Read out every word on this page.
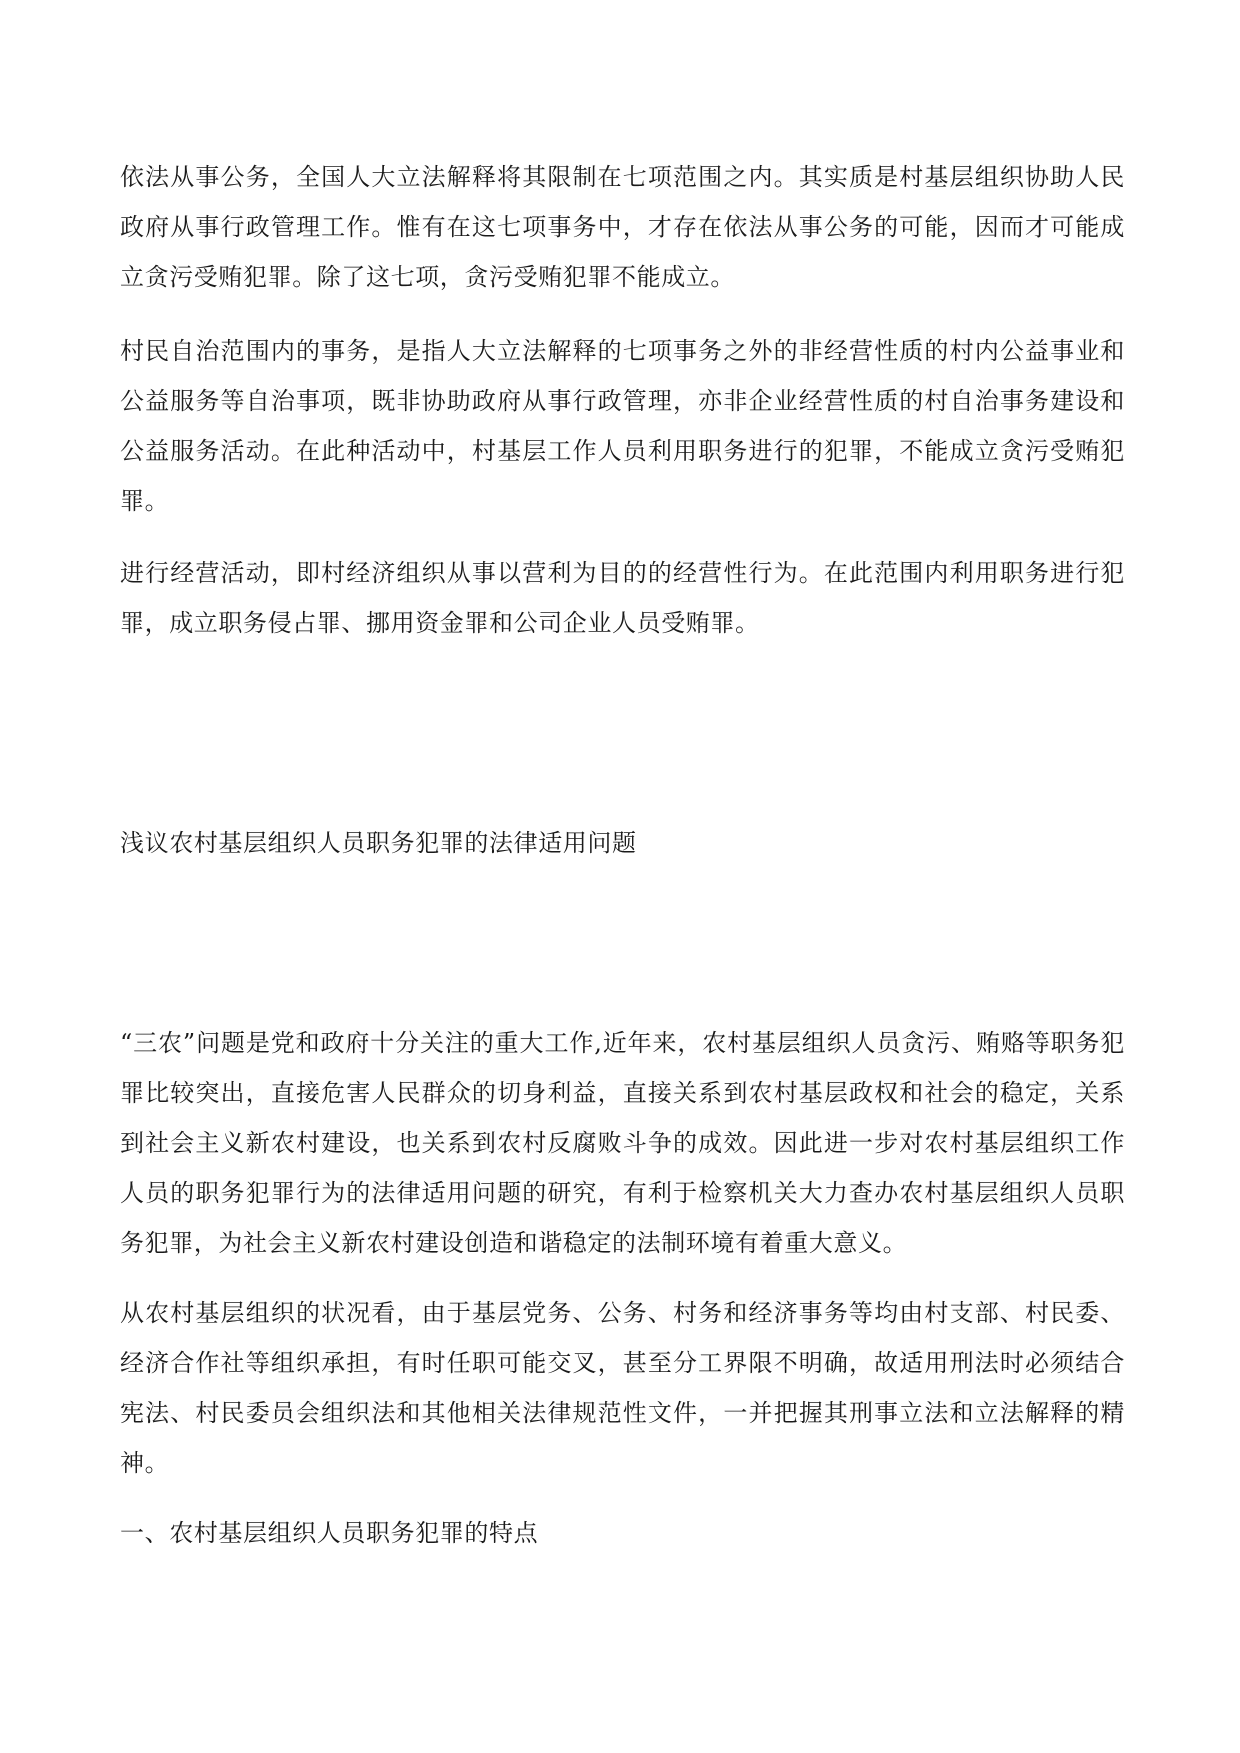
依法从事公务，全国人大立法解释将其限制在七项范围之内。其实质是村基层组织协助人民政府从事行政管理工作。惟有在这七项事务中，才存在依法从事公务的可能，因而才可能成立贪污受贿犯罪。除了这七项，贪污受贿犯罪不能成立。

村民自治范围内的事务，是指人大立法解释的七项事务之外的非经营性质的村内公益事业和公益服务等自治事项，既非协助政府从事行政管理，亦非企业经营性质的村自治事务建设和公益服务活动。在此种活动中，村基层工作人员利用职务进行的犯罪，不能成立贪污受贿犯罪。

进行经营活动，即村经济组织从事以营利为目的的经营性行为。在此范围内利用职务进行犯罪，成立职务侵占罪、挪用资金罪和公司企业人员受贿罪。

浅议农村基层组织人员职务犯罪的法律适用问题

“三农”问题是党和政府十分关注的重大工作,近年来，农村基层组织人员贪污、贿赂等职务犯罪比较突出，直接危害人民群众的切身利益，直接关系到农村基层政权和社会的稳定，关系到社会主义新农村建设，也关系到农村反腐败斗争的成效。因此进一步对农村基层组织工作人员的职务犯罪行为的法律适用问题的研究，有利于检察机关大力查办农村基层组织人员职务犯罪，为社会主义新农村建设创造和谐稳定的法制环境有着重大意义。

从农村基层组织的状况看，由于基层党务、公务、村务和经济事务等均由村支部、村民委、经济合作社等组织承担，有时任职可能交叉，甚至分工界限不明确，故适用刑法时必须结合宪法、村民委员会组织法和其他相关法律规范性文件，一并把握其刑事立法和立法解释的精神。

一、农村基层组织人员职务犯罪的特点
